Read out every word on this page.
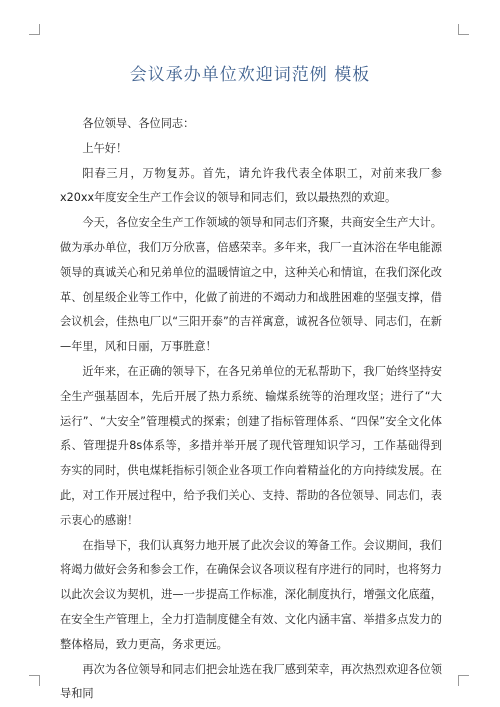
会议承办单位欢迎词范例 模板

各位领导、各位同志：

上午好！

阳春三月，万物复苏。首先，请允许我代表全体职工，对前来我厂参x20xx年度安全生产工作会议的领导和同志们，致以最热烈的欢迎。

今天，各位安全生产工作领域的领导和同志们齐聚，共商安全生产大计。做为承办单位，我们万分欣喜，倍感荣幸。多年来，我厂一直沐浴在华电能源领导的真诚关心和兄弟单位的温暖情谊之中，这种关心和情谊，在我们深化改革、创星级企业等工作中，化做了前进的不竭动力和战胜困难的坚强支撑，借会议机会，佳热电厂以“三阳开泰”的吉祥寓意，诚祝各位领导、同志们，在新—年里，风和日丽，万事胜意！

近年来，在正确的领导下，在各兄弟单位的无私帮助下，我厂始终坚持安全生产强基固本，先后开展了热力系统、输煤系统等的治理攻坚；进行了“大运行”、“大安全”管理模式的探索；创建了指标管理体系、“四保”安全文化体系、管理提升8s体系等，多措并举开展了现代管理知识学习，工作基础得到夯实的同时，供电煤耗指标引领企业各项工作向着精益化的方向持续发展。在此，对工作开展过程中，给予我们关心、支持、帮助的各位领导、同志们，表示衷心的感谢！

在指导下，我们认真努力地开展了此次会议的筹备工作。会议期间，我们将竭力做好会务和参会工作，在确保会议各项议程有序进行的同时，也将努力以此次会议为契机，进—一步提高工作标准，深化制度执行，增强文化底蕴，在安全生产管理上，全力打造制度健全有效、文化内涵丰富、举措多点发力的整体格局，致力更高，务求更远。

再次为各位领导和同志们把会址选在我厂感到荣幸，再次热烈欢迎各位领导和同
